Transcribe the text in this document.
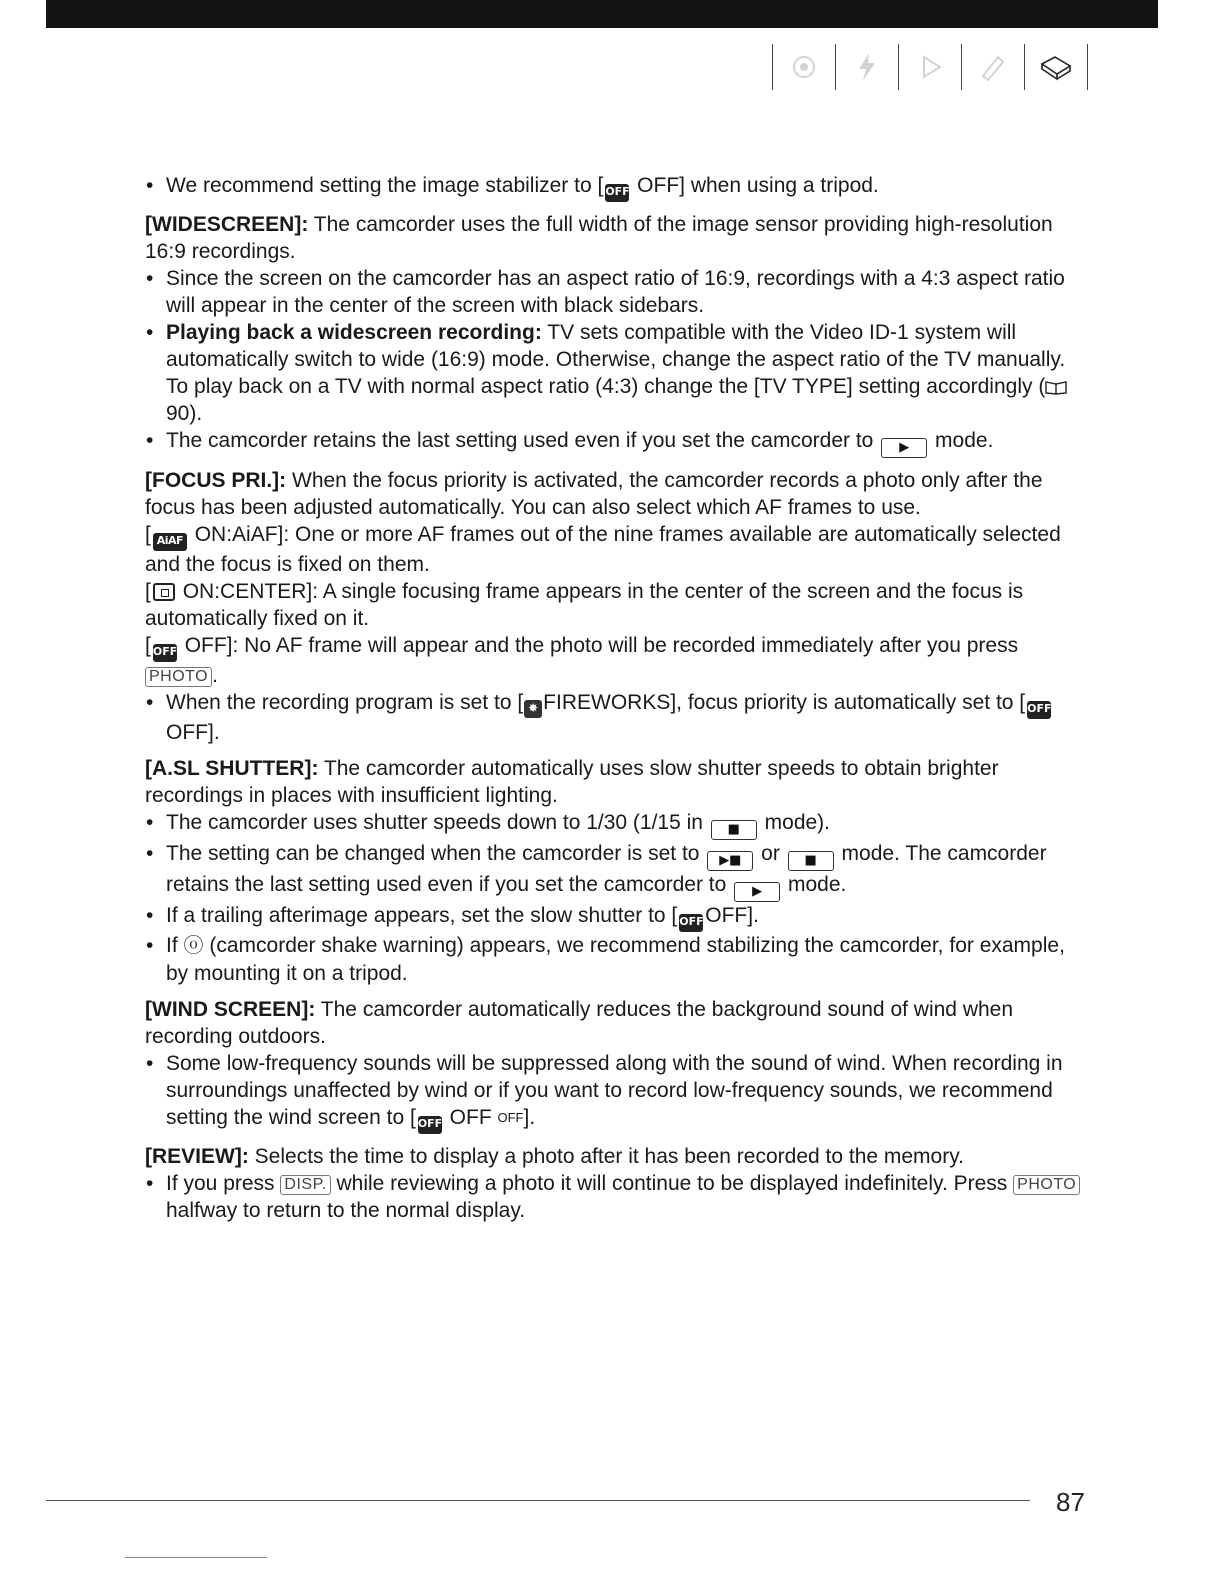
• We recommend setting the image stabilizer to [ OFF OFF] when using a tripod.

[WIDESCREEN]: The camcorder uses the full width of the image sensor providing high-resolution 16:9 recordings.

• Since the screen on the camcorder has an aspect ratio of 16:9, recordings with a 4:3 aspect ratio will appear in the center of the screen with black sidebars.

• Playing back a widescreen recording: TV sets compatible with the Video ID-1 system will automatically switch to wide (16:9) mode. Otherwise, change the aspect ratio of the TV manually. To play back on a TV with normal aspect ratio (4:3) change the [TV TYPE] setting accordingly ( 90).

• The camcorder retains the last setting used even if you set the camcorder to ▶ mode.

[FOCUS PRI.]: When the focus priority is activated, the camcorder records a photo only after the focus has been adjusted automatically. You can also select which AF frames to use.

[ AiAF ON:AiAF]: One or more AF frames out of the nine frames available are automatically selected and the focus is fixed on them.

[ ON:CENTER]: A single focusing frame appears in the center of the screen and the focus is automatically fixed on it.

[ OFF OFF]: No AF frame will appear and the photo will be recorded immediately after you press PHOTO .

• When the recording program is set to [ ✸ FIREWORKS], focus priority is automatically set to [ OFF OFF].

[A.SL SHUTTER]: The camcorder automatically uses slow shutter speeds to obtain brighter recordings in places with insufficient lighting.

• The camcorder uses shutter speeds down to 1/30 (1/15 in ■ mode).

• The setting can be changed when the camcorder is set to ▶■ or ■ mode. The camcorder retains the last setting used even if you set the camcorder to ▶ mode.

• If a trailing afterimage appears, set the slow shutter to [ OFFOFF].

• If ⓞ (camcorder shake warning) appears, we recommend stabilizing the camcorder, for example, by mounting it on a tripod.

[WIND SCREEN]: The camcorder automatically reduces the background sound of wind when recording outdoors.

• Some low-frequency sounds will be suppressed along with the sound of wind. When recording in surroundings unaffected by wind or if you want to record low-frequency sounds, we recommend setting the wind screen to [ OFF OFF OFF].

[REVIEW]: Selects the time to display a photo after it has been recorded to the memory.

• If you press DISP. while reviewing a photo it will continue to be displayed indefinitely. Press PHOTO halfway to return to the normal display.

87
